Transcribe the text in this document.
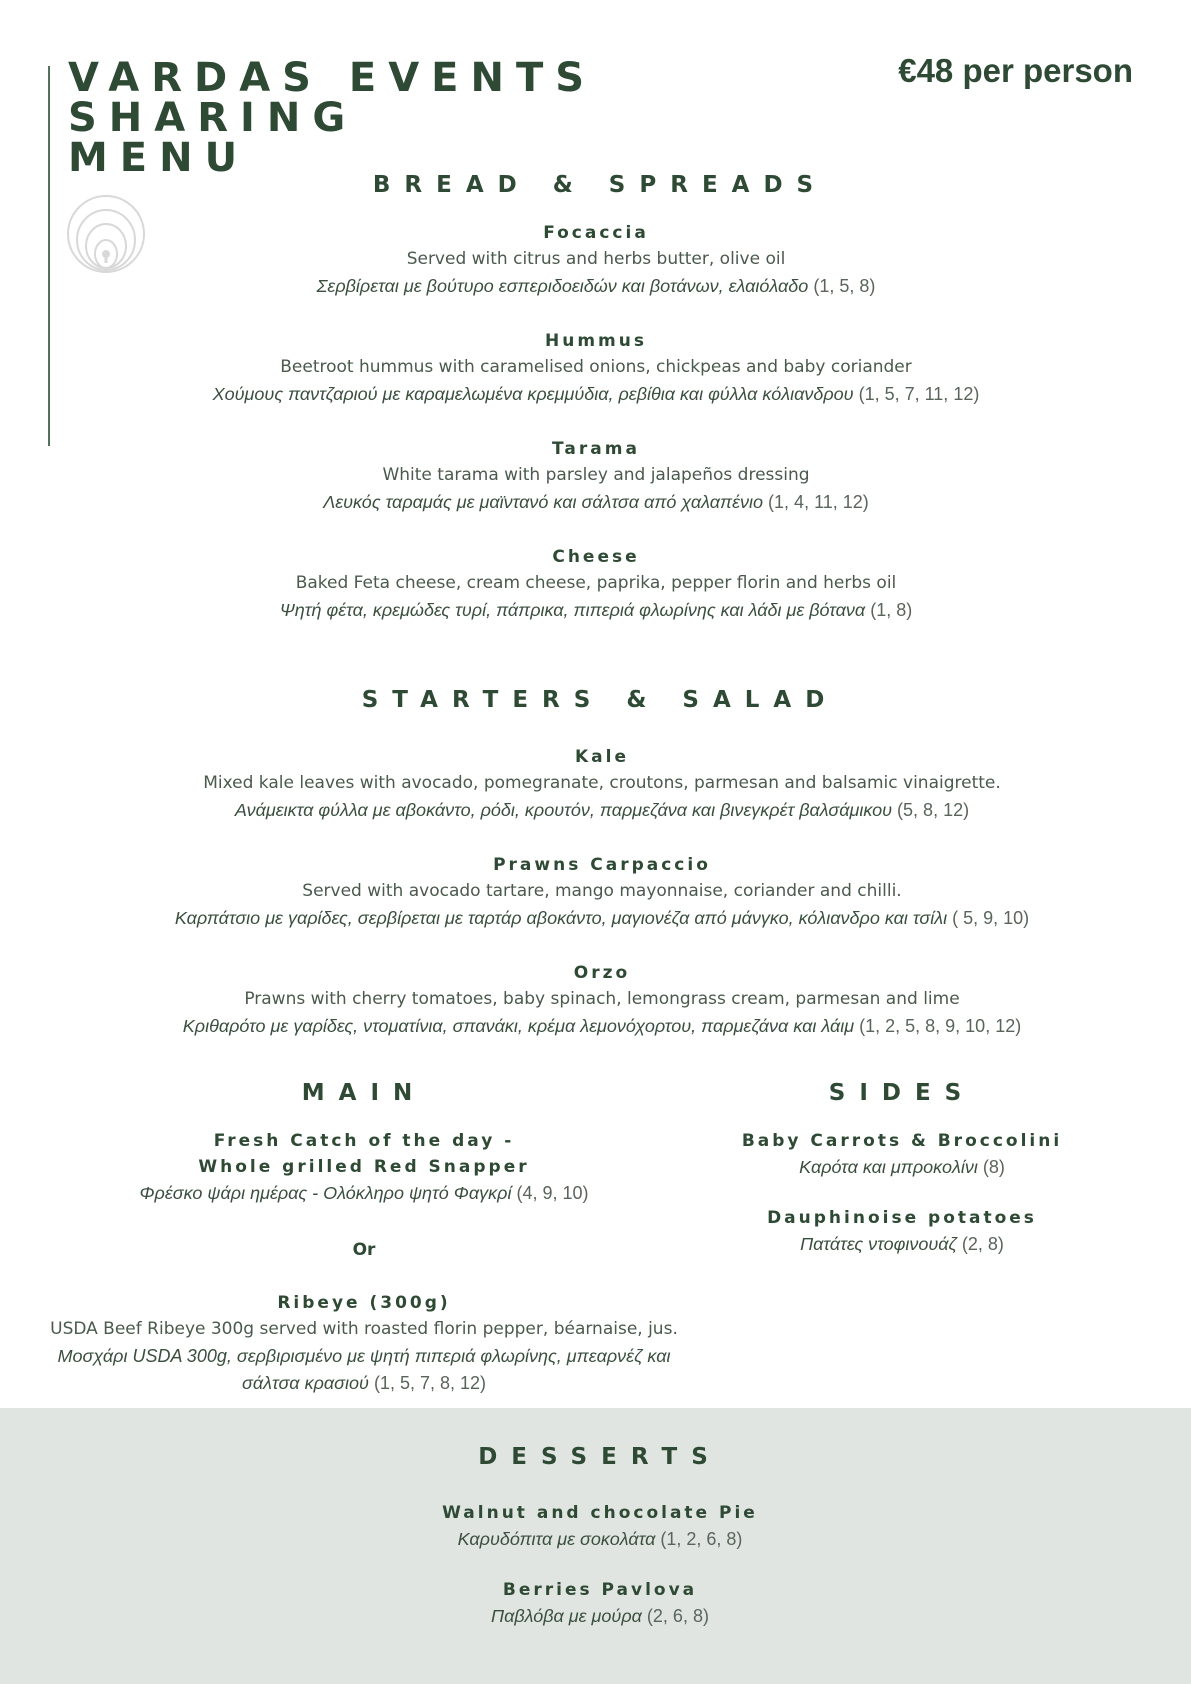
VARDAS EVENTS
SHARING
MENU
€48 per person
BREAD & SPREADS
Focaccia
Served with citrus and herbs butter, olive oil
Σερβίρεται με βούτυρο εσπεριδοειδών και βοτάνων, ελαιόλαδο (1, 5, 8)
Hummus
Beetroot hummus with caramelised onions, chickpeas and baby coriander
Χούμους παντζαριού με καραμελωμένα κρεμμύδια, ρεβίθια και φύλλα κόλιανδρου (1, 5, 7, 11, 12)
Tarama
White tarama with parsley and jalapeños dressing
Λευκός ταραμάς με μαϊντανό και σάλτσα από χαλαπένιο (1, 4, 11, 12)
Cheese
Baked Feta cheese, cream cheese, paprika, pepper florin and herbs oil
Ψητή φέτα, κρεμώδες τυρί, πάπρικα, πιπεριά φλωρίνης και λάδι με βότανα (1, 8)
STARTERS & SALAD
Kale
Mixed kale leaves with avocado, pomegranate, croutons, parmesan and balsamic vinaigrette.
Ανάμεικτα φύλλα με αβοκάντο, ρόδι, κρουτόν, παρμεζάνα και βινεγκρέτ βαλσάμικου (5, 8, 12)
Prawns Carpaccio
Served with avocado tartare, mango mayonnaise, coriander and chilli.
Καρπάτσιο με γαρίδες, σερβίρεται με ταρτάρ αβοκάντο, μαγιονέζα από μάνγκο, κόλιανδρο και τσίλι ( 5, 9, 10)
Orzo
Prawns with cherry tomatoes, baby spinach, lemongrass cream, parmesan and lime
Κριθαρότο με γαρίδες, ντοματίνια, σπανάκι, κρέμα λεμονόχορτου, παρμεζάνα και λάιμ (1, 2, 5, 8, 9, 10, 12)
MAIN
Fresh Catch of the day -
Whole grilled Red Snapper
Φρέσκο ψάρι ημέρας - Ολόκληρο ψητό Φαγκρί (4, 9, 10)
Or
Ribeye (300g)
USDA Beef Ribeye 300g served with roasted florin pepper, béarnaise, jus.
Μοσχάρι USDA 300g, σερβιρισμένο με ψητή πιπεριά φλωρίνης, μπεαρνέζ και
σάλτσα κρασιού (1, 5, 7, 8, 12)
SIDES
Baby Carrots & Broccolini
Καρότα και μπροκολίνι (8)
Dauphinoise potatoes
Πατάτες ντοφινουάζ (2, 8)
DESSERTS
Walnut and chocolate Pie
Καρυδόπιτα με σοκολάτα (1, 2, 6, 8)
Berries Pavlova
Παβλόβα με μούρα (2, 6, 8)
